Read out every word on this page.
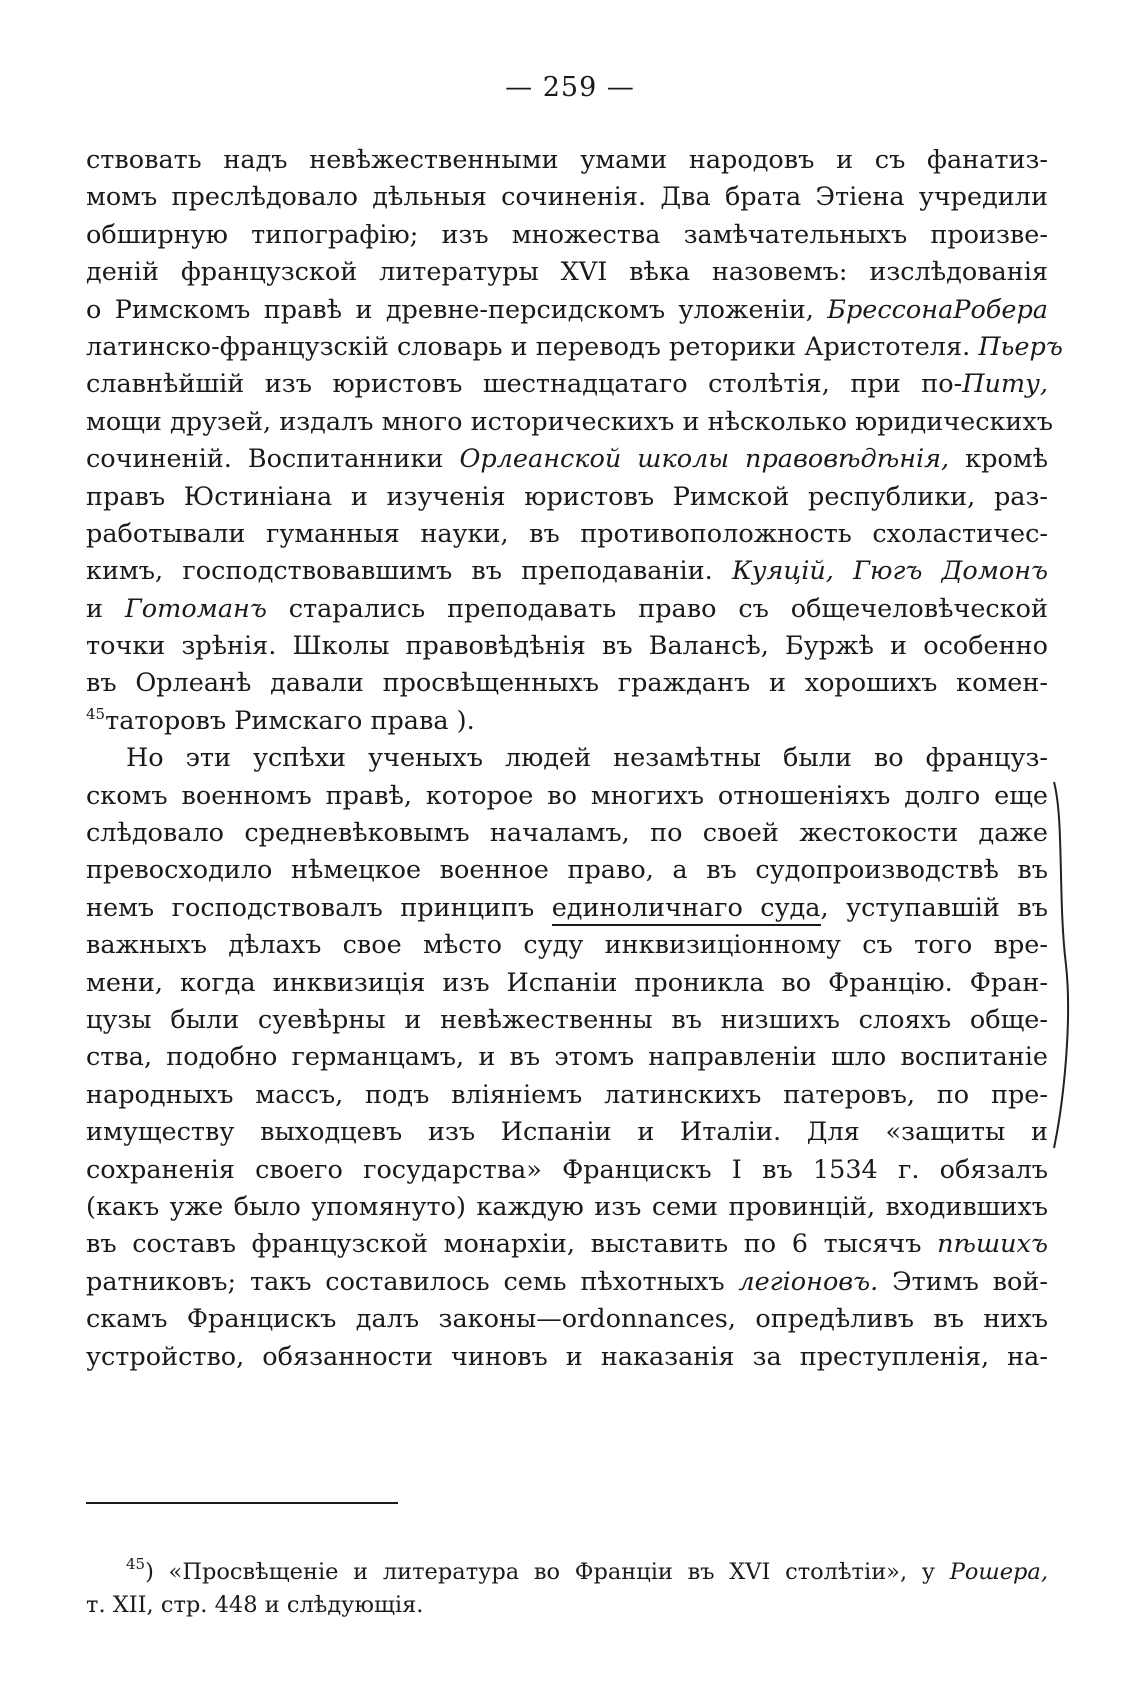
— 259 —
ствовать надъ невѣжественными умами народовъ и съ фанатиз-
момъ преслѣдовало дѣльныя сочиненія. Два брата Этіена учредили
обширную типографію; изъ множества замѣчательныхъ произве-
деній французской литературы XVI вѣка назовемъ: изслѣдованія
о Римскомъ правѣ и древне-персидскомъ уложеніи, БрессонаРобера
латинско-французскій словарь и переводъ реторики Аристотеля. Пьеръ
славнѣйшій изъ юристовъ шестнадцатаго столѣтія, при по-Питу,
мощи друзей, издалъ много историческихъ и нѣсколько юридическихъ
сочиненій. Воспитанники Орлеанской школы правовѣдѣнія, кромѣ
правъ Юстиніана и изученія юристовъ Римской республики, раз-
работывали гуманныя науки, въ противоположность схоластичес-
кимъ, господствовавшимъ въ преподаваніи. Куяцій, Гюгъ Домонъ
и Готоманъ старались преподавать право съ общечеловѣческой
точки зрѣнія. Школы правовѣдѣнія въ Валансѣ, Буржѣ и особенно
въ Орлеанѣ давали просвѣщенныхъ гражданъ и хорошихъ комен-
$^{45}$таторовъ Римскаго права ).
Но эти успѣхи ученыхъ людей незамѣтны были во француз-
скомъ военномъ правѣ, которое во многихъ отношеніяхъ долго еще
слѣдовало средневѣковымъ началамъ, по своей жестокости даже
превосходило нѣмецкое военное право, а въ судопроизводствѣ въ
немъ господствовалъ принципъ единоличнаго суда, уступавшій въ
важныхъ дѣлахъ свое мѣсто суду инквизиціонному съ того вре-
мени, когда инквизиція изъ Испаніи проникла во Францію. Фран-
цузы были суевѣрны и невѣжественны въ низшихъ слояхъ обще-
ства, подобно германцамъ, и въ этомъ направленіи шло воспитаніе
народныхъ массъ, подъ вліяніемъ латинскихъ патеровъ, по пре-
имуществу выходцевъ изъ Испаніи и Италіи. Для «защиты и
сохраненія своего государства» Францискъ I въ 1534 г. обязалъ
(какъ уже было упомянуто) каждую изъ семи провинцій, входившихъ
въ составъ французской монархіи, выставить по 6 тысячъ пѣшихъ
ратниковъ; такъ составилось семь пѣхотныхъ легіоновъ. Этимъ вой-
скамъ Францискъ далъ законы—ordonnances, опредѣливъ въ нихъ
устройство, обязанности чиновъ и наказанія за преступленія, на-
$^{45}$) «Просвѣщеніе и литература во Франціи въ XVI столѣтіи», у Рошера,
т. XII, стр. 448 и слѣдующія.
